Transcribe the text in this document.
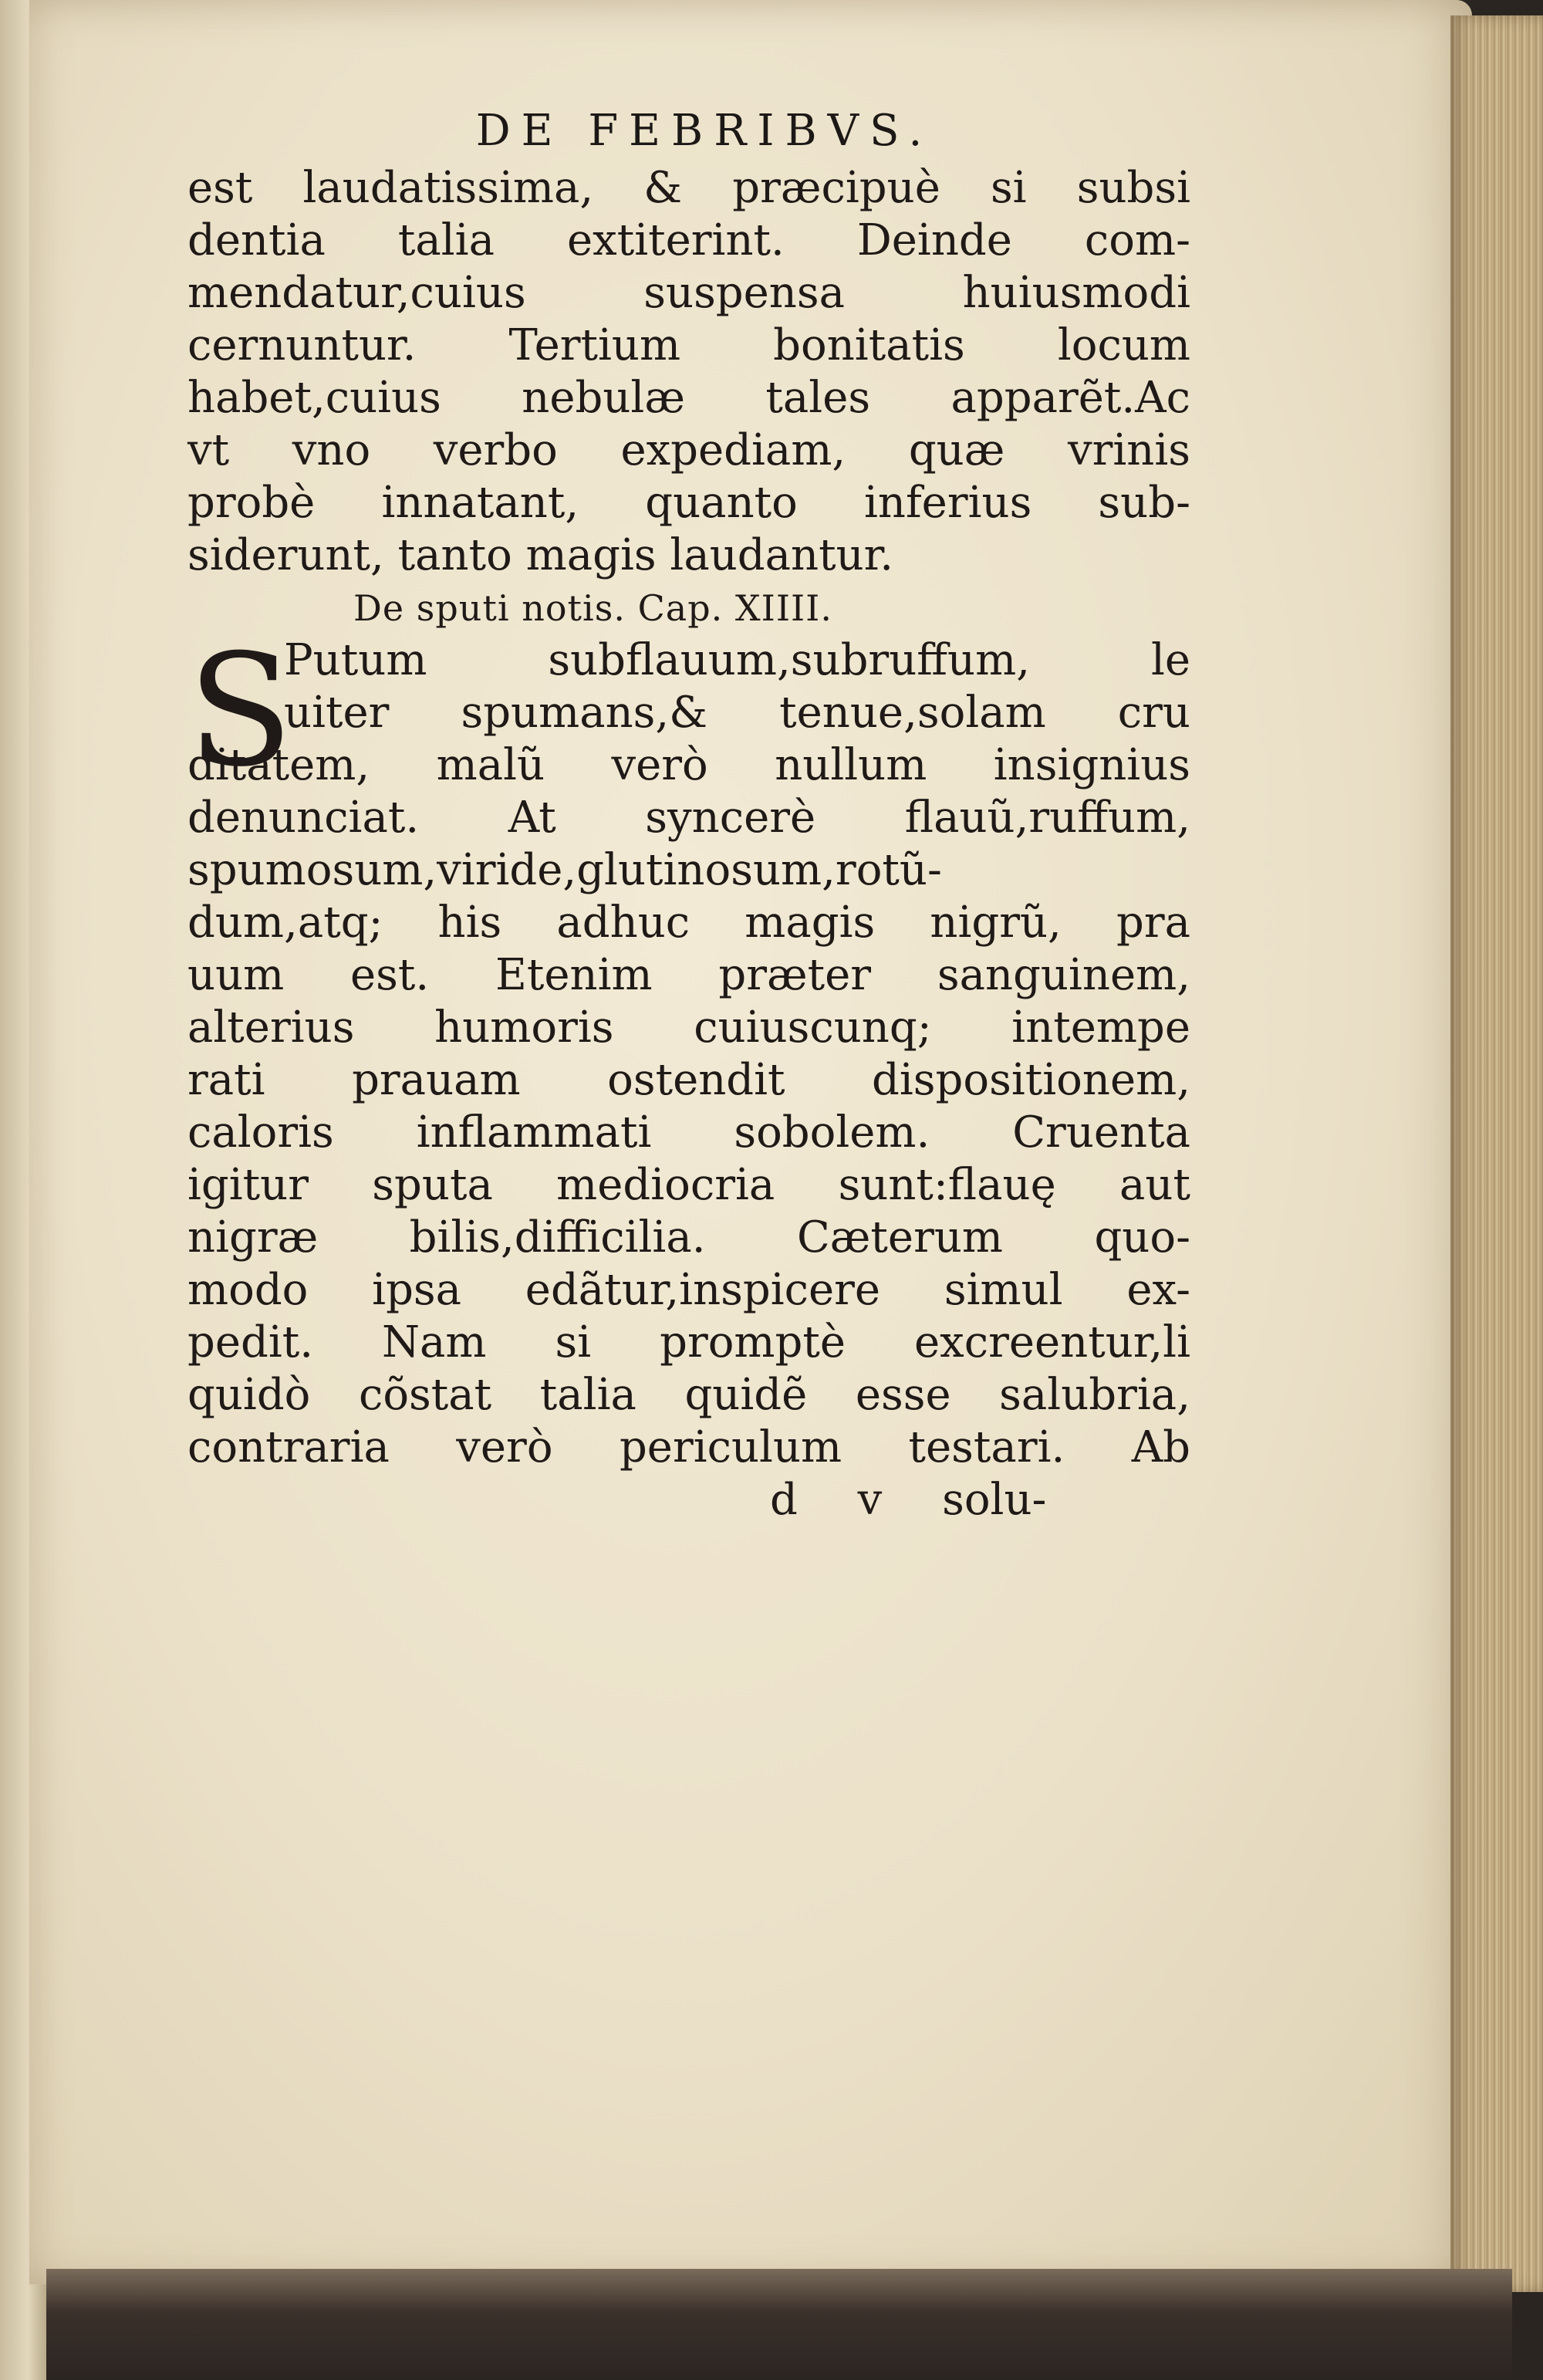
DE FEBRIBVS.
est laudatissima, & præcipuè si subsi
dentia talia extiterint. Deinde com-
mendatur,cuius suspensa huiusmodi
cernuntur. Tertium bonitatis locum
habet,cuius nebulæ tales apparẽt.Ac
vt vno verbo expediam, quæ vrinis
probè innatant, quanto inferius sub-
siderunt, tanto magis laudantur.
De sputi notis. Cap. XIIII.
S
Putum subflauum,subruffum, le
uiter spumans,& tenue,solam cru
ditatem, malũ verò nullum insignius
denunciat. At syncerè flauũ,ruffum,
spumosum,viride,glutinosum,rotũ-
dum,atq; his adhuc magis nigrũ, pra
uum est. Etenim præter sanguinem,
alterius humoris cuiuscunq; intempe
rati prauam ostendit dispositionem,
caloris inflammati sobolem. Cruenta
igitur sputa mediocria sunt:flauę aut
nigræ bilis,difficilia. Cæterum quo-
modo ipsa edãtur,inspicere simul ex-
pedit. Nam si promptè excreentur,li
quidò cõstat talia quidẽ esse salubria,
contraria verò periculum testari. Ab
d v solu-
